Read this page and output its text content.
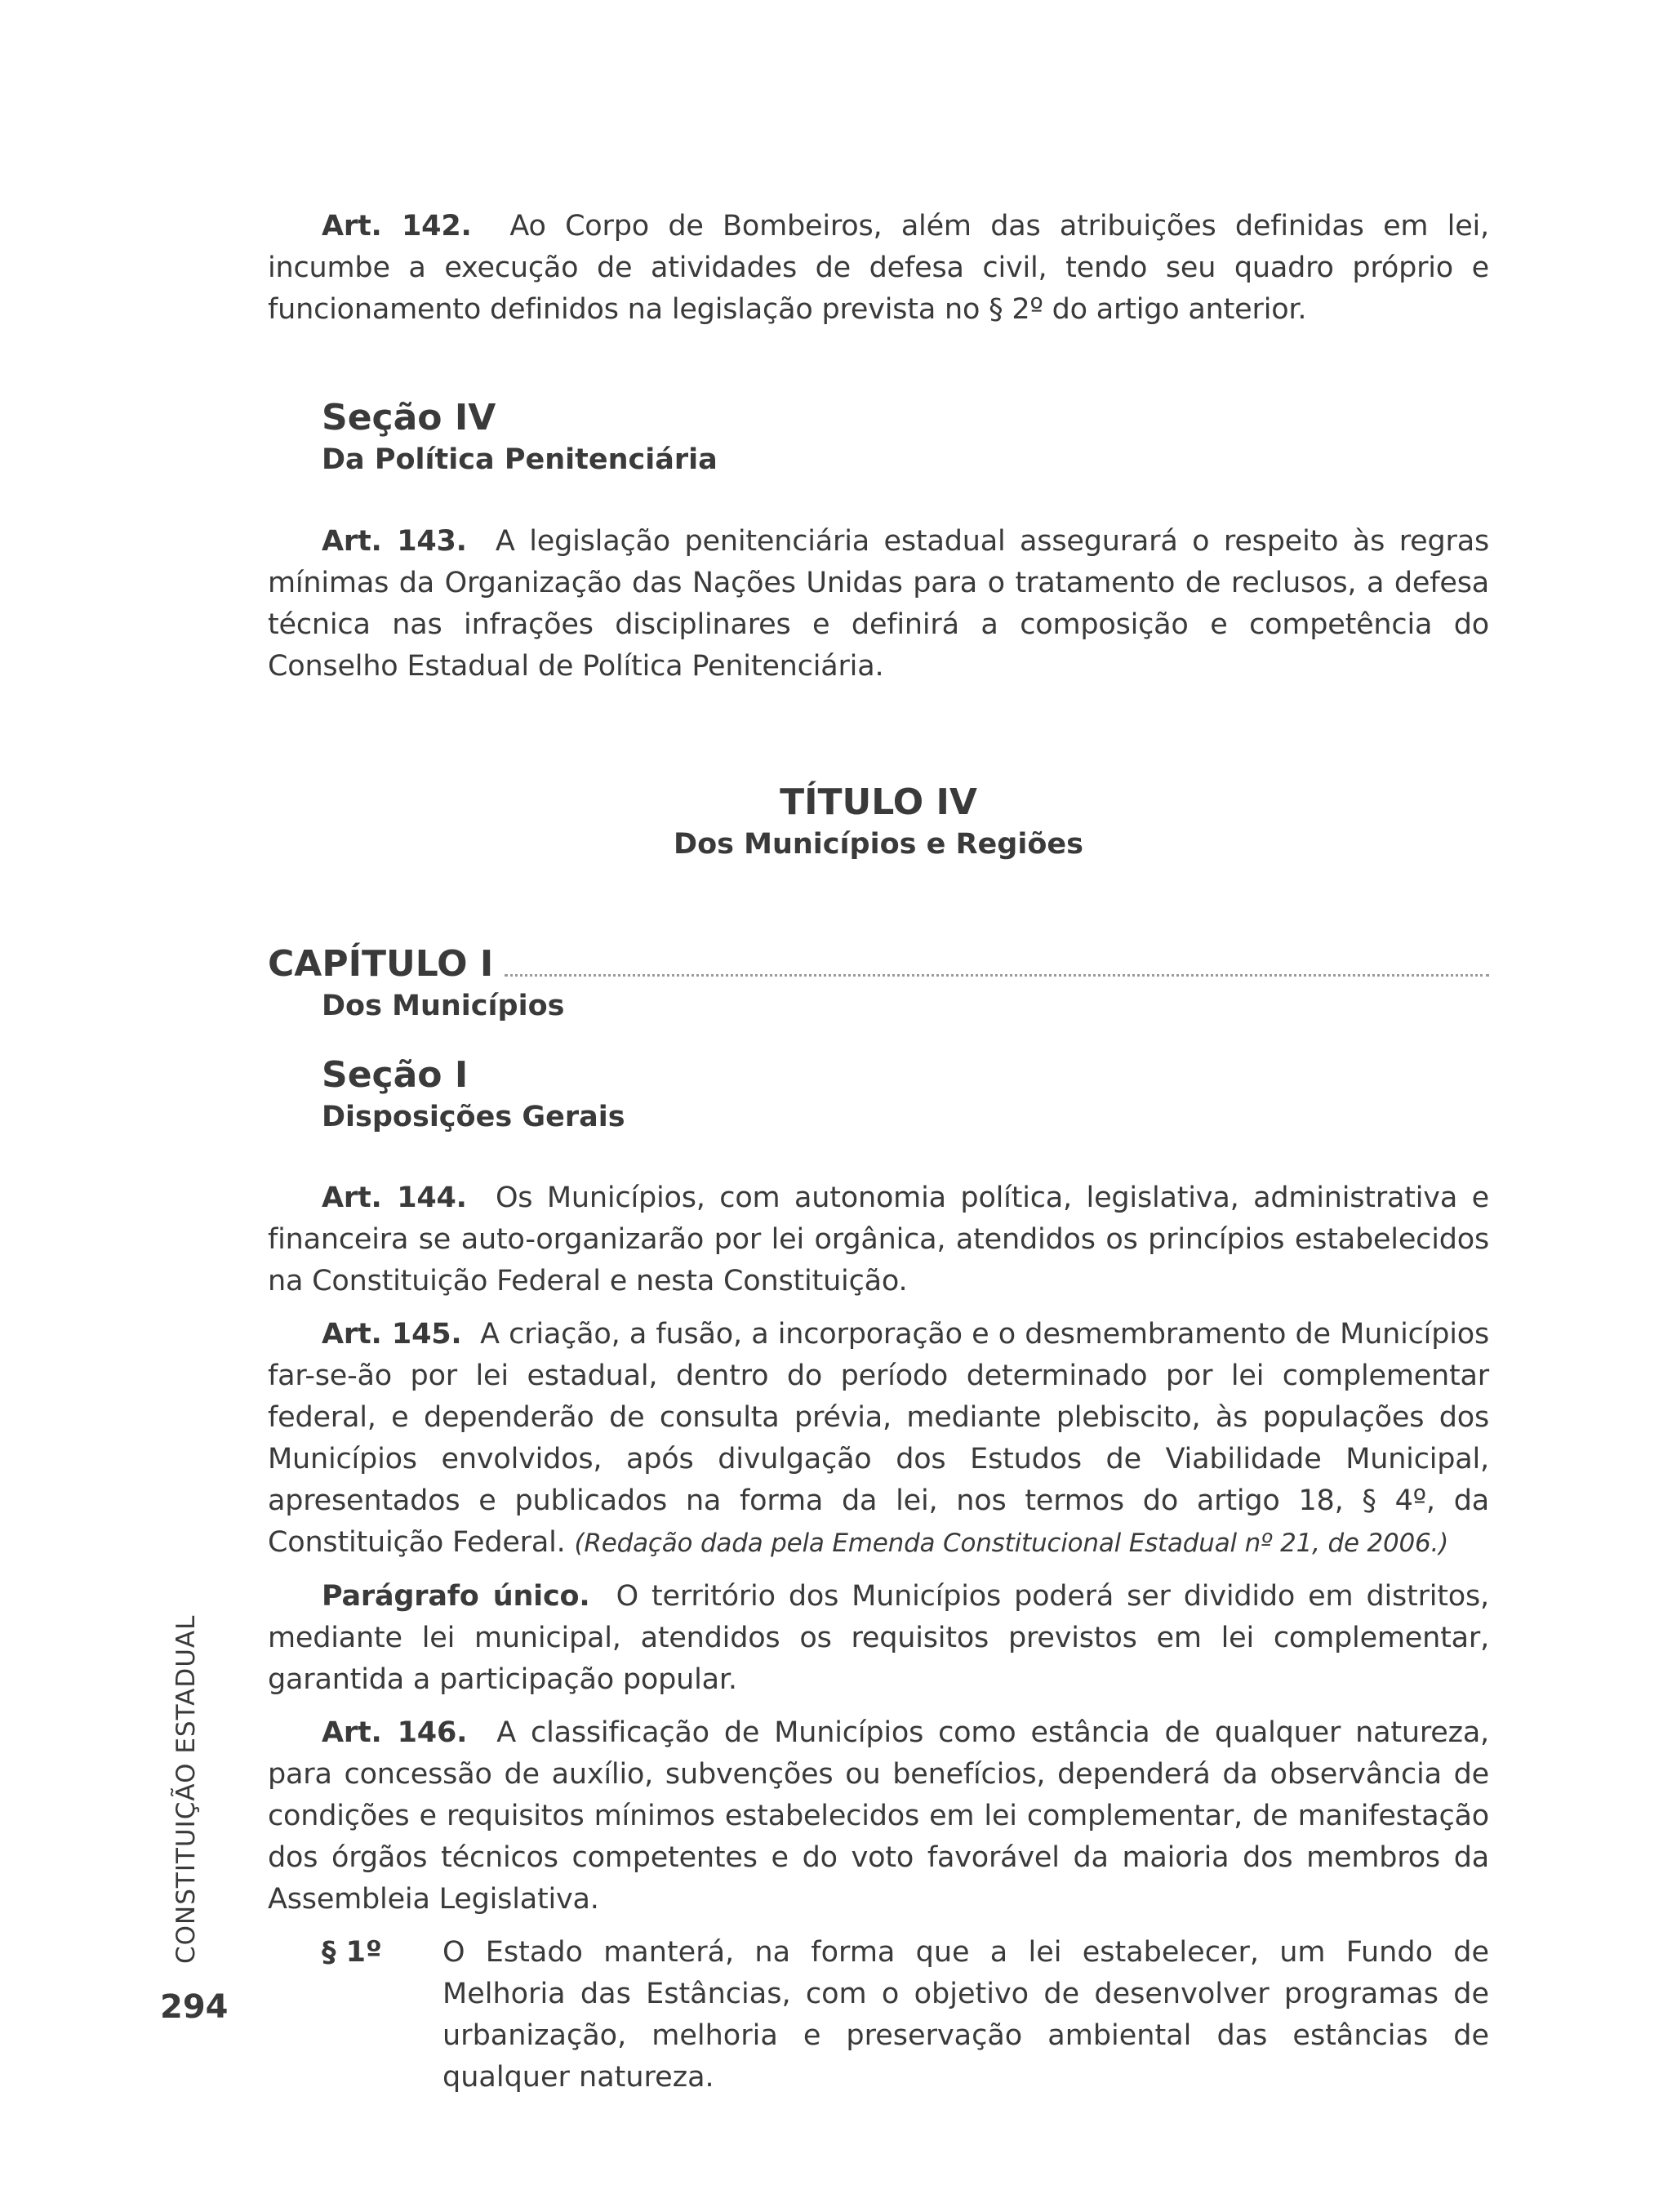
Art. 142. Ao Corpo de Bombeiros, além das atribuições definidas em lei, incumbe a execução de atividades de defesa civil, tendo seu quadro próprio e funcionamento definidos na legislação prevista no § 2º do artigo anterior.

Seção IV
Da Política Penitenciária

Art. 143. A legislação penitenciária estadual assegurará o respeito às regras mínimas da Organização das Nações Unidas para o tratamento de reclusos, a defesa técnica nas infrações disciplinares e definirá a composição e competência do Conselho Estadual de Política Penitenciária.

TÍTULO IV
Dos Municípios e Regiões
CAPÍTULO I
Dos Municípios
Seção I
Disposições Gerais

Art. 144. Os Municípios, com autonomia política, legislativa, administrativa e financeira se auto-organizarão por lei orgânica, atendidos os princípios estabelecidos na Constituição Federal e nesta Constituição.

Art. 145. A criação, a fusão, a incorporação e o desmembramento de Municípios far-se-ão por lei estadual, dentro do período determinado por lei complementar federal, e dependerão de consulta prévia, mediante plebiscito, às populações dos Municípios envolvidos, após divulgação dos Estudos de Viabilidade Municipal, apresentados e publicados na forma da lei, nos termos do artigo 18, § 4º, da Constituição Federal. (Redação dada pela Emenda Constitucional Estadual nº 21, de 2006.)

Parágrafo único. O território dos Municípios poderá ser dividido em distritos, mediante lei municipal, atendidos os requisitos previstos em lei complementar, garantida a participação popular.

Art. 146. A classificação de Municípios como estância de qualquer natureza, para concessão de auxílio, subvenções ou benefícios, dependerá da observância de condições e requisitos mínimos estabelecidos em lei complementar, de manifestação dos órgãos técnicos competentes e do voto favorável da maioria dos membros da Assembleia Legislativa.

§ 1º	O Estado manterá, na forma que a lei estabelecer, um Fundo de Melhoria das Estâncias, com o objetivo de desenvolver programas de urbanização, melhoria e preservação ambiental das estâncias de qualquer natureza.
CONSTITUIÇÃO ESTADUAL
294
